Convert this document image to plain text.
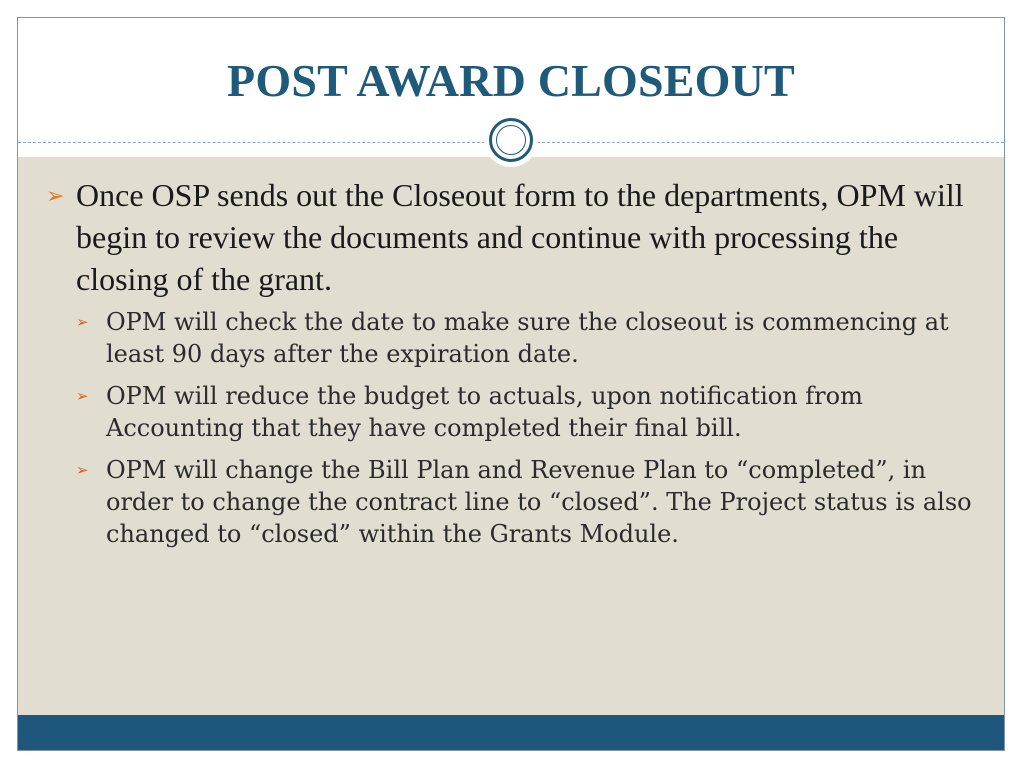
POST AWARD CLOSEOUT
➢ Once OSP sends out the Closeout form to the departments, OPM will begin to review the documents and continue with processing the closing of the grant.
➢ OPM will check the date to make sure the closeout is commencing at least 90 days after the expiration date.
➢ OPM will reduce the budget to actuals, upon notification from Accounting that they have completed their final bill.
➢ OPM will change the Bill Plan and Revenue Plan to “completed”, in order to change the contract line to “closed”. The Project status is also changed to “closed” within the Grants Module.
